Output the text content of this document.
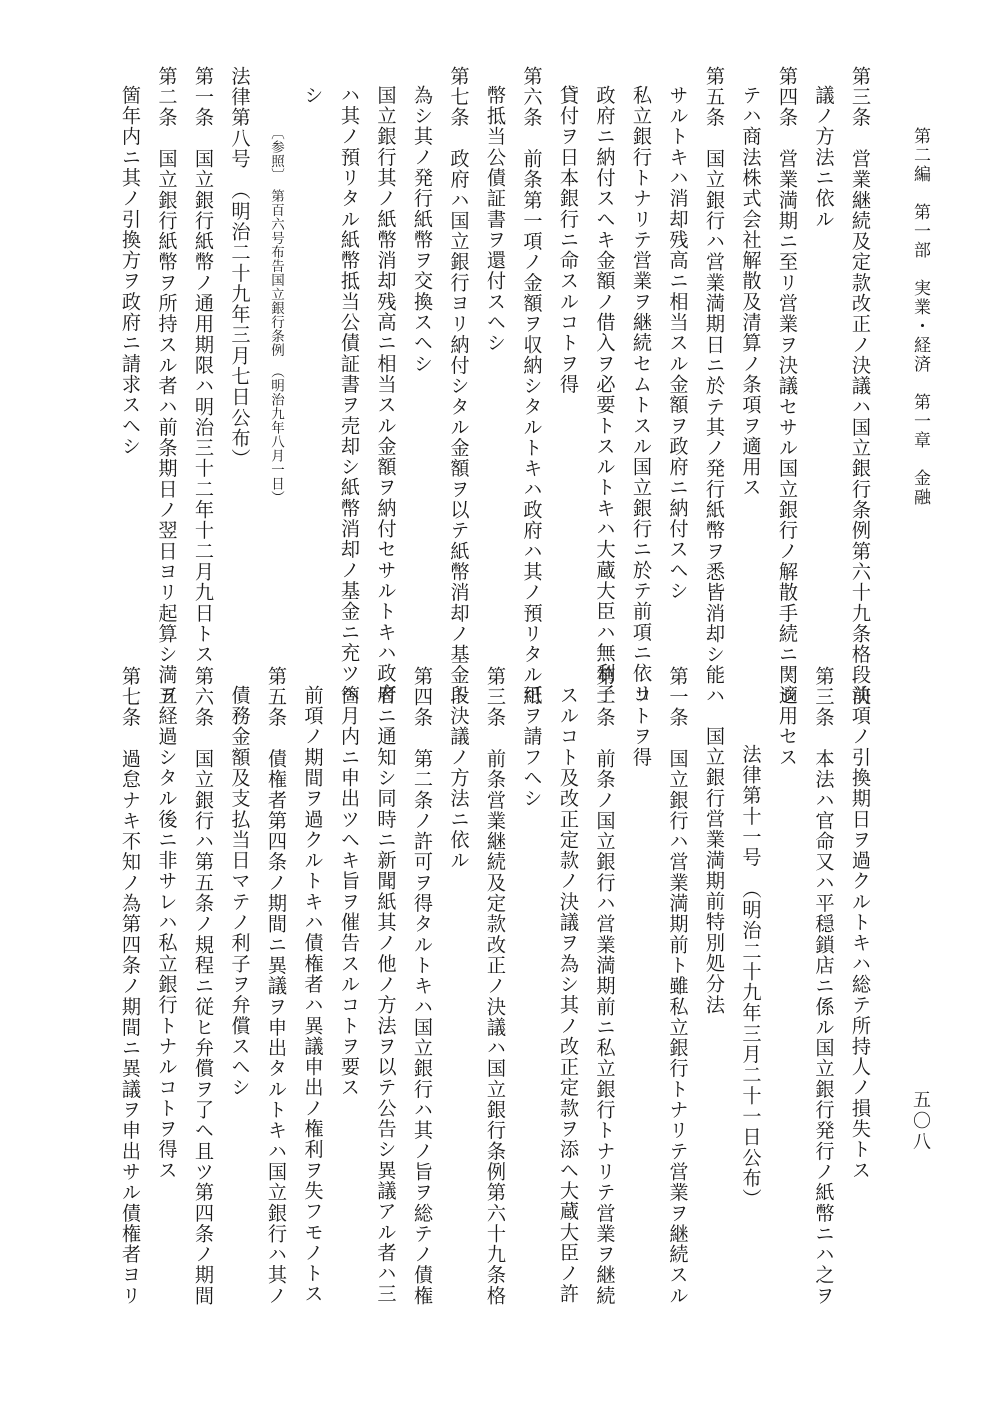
第二編　第一部　実業・経済　第一章　金融
五〇八
第三条　営業継続及定款改正ノ決議ハ国立銀行条例第六十九条格段決
議ノ方法ニ依ル
第四条　営業満期ニ至リ営業ヲ決議セサル国立銀行ノ解散手続ニ関シ
テハ商法株式会社解散及清算ノ条項ヲ適用ス
第五条　国立銀行ハ営業満期日ニ於テ其ノ発行紙幣ヲ悉皆消却シ能ハ
サルトキハ消却残高ニ相当スル金額ヲ政府ニ納付スヘシ
私立銀行トナリテ営業ヲ継続セムトスル国立銀行ニ於テ前項ニ依リ
政府ニ納付スヘキ金額ノ借入ヲ必要トスルトキハ大蔵大臣ハ無利子
貸付ヲ日本銀行ニ命スルコトヲ得
第六条　前条第一項ノ金額ヲ収納シタルトキハ政府ハ其ノ預リタル紙
幣抵当公債証書ヲ還付スヘシ
第七条　政府ハ国立銀行ヨリ納付シタル金額ヲ以テ紙幣消却ノ基金ト
為シ其ノ発行紙幣ヲ交換スヘシ
国立銀行其ノ紙幣消却残高ニ相当スル金額ヲ納付セサルトキハ政府
ハ其ノ預リタル紙幣抵当公債証書ヲ売却シ紙幣消却ノ基金ニ充ツヘ
シ
〔参照〕　第百六号布告国立銀行条例　（明治九年八月一日）
法律第八号　（明治二十九年三月七日公布）
第一条　国立銀行紙幣ノ通用期限ハ明治三十二年十二月九日トス
第二条　国立銀行紙幣ヲ所持スル者ハ前条期日ノ翌日ヨリ起算シ満五
箇年内ニ其ノ引換方ヲ政府ニ請求スヘシ
前項ノ引換期日ヲ過クルトキハ総テ所持人ノ損失トス
第三条　本法ハ官命又ハ平穏鎖店ニ係ル国立銀行発行ノ紙幣ニハ之ヲ
適用セス
法律第十一号　（明治二十九年三月二十一日公布）
国立銀行営業満期前特別処分法
第一条　国立銀行ハ営業満期前ト雖私立銀行トナリテ営業ヲ継続スル
コトヲ得
第二条　前条ノ国立銀行ハ営業満期前ニ私立銀行トナリテ営業ヲ継続
スルコト及改正定款ノ決議ヲ為シ其ノ改正定款ヲ添ヘ大蔵大臣ノ許
可ヲ請フヘシ
第三条　前条営業継続及定款改正ノ決議ハ国立銀行条例第六十九条格
段決議ノ方法ニ依ル
第四条　第二条ノ許可ヲ得タルトキハ国立銀行ハ其ノ旨ヲ総テノ債権
者ニ通知シ同時ニ新聞紙其ノ他ノ方法ヲ以テ公告シ異議アル者ハ三
箇月内ニ申出ツヘキ旨ヲ催告スルコトヲ要ス
前項ノ期間ヲ過クルトキハ債権者ハ異議申出ノ権利ヲ失フモノトス
第五条　債権者第四条ノ期間ニ異議ヲ申出タルトキハ国立銀行ハ其ノ
債務金額及支払当日マテノ利子ヲ弁償スヘシ
第六条　国立銀行ハ第五条ノ規程ニ従ヒ弁償ヲ了ヘ且ツ第四条ノ期間
ヲ経過シタル後ニ非サレハ私立銀行トナルコトヲ得ス
第七条　過怠ナキ不知ノ為第四条ノ期間ニ異議ヲ申出サル債権者ヨリ
